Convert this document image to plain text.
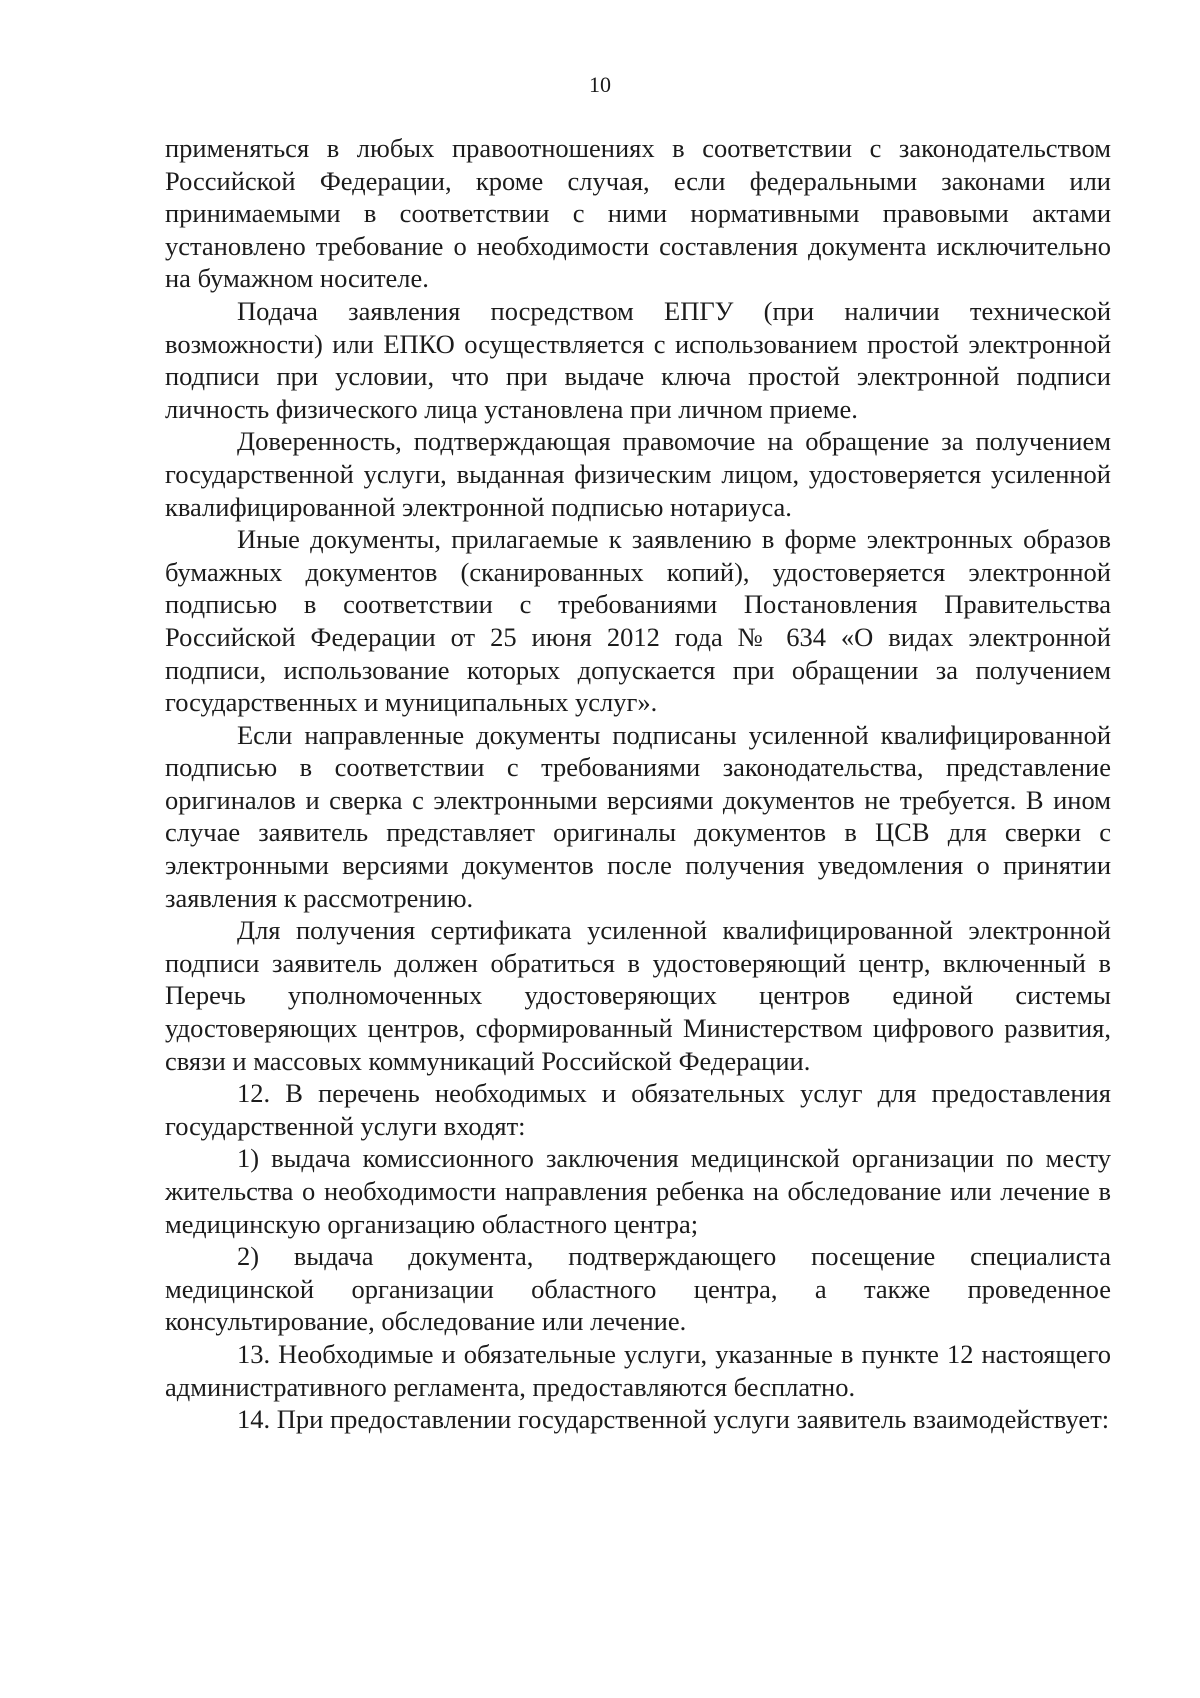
10

применяться в любых правоотношениях в соответствии с законодательством Российской Федерации, кроме случая, если федеральными законами или принимаемыми в соответствии с ними нормативными правовыми актами установлено требование о необходимости составления документа исключительно на бумажном носителе.

Подача заявления посредством ЕПГУ (при наличии технической возможности) или ЕПКО осуществляется с использованием простой электронной подписи при условии, что при выдаче ключа простой электронной подписи личность физического лица установлена при личном приеме.

Доверенность, подтверждающая правомочие на обращение за получением государственной услуги, выданная физическим лицом, удостоверяется усиленной квалифицированной электронной подписью нотариуса.

Иные документы, прилагаемые к заявлению в форме электронных образов бумажных документов (сканированных копий), удостоверяется электронной подписью в соответствии с требованиями Постановления Правительства Российской Федерации от 25 июня 2012 года № 634 «О видах электронной подписи, использование которых допускается при обращении за получением государственных и муниципальных услуг».

Если направленные документы подписаны усиленной квалифицированной подписью в соответствии с требованиями законодательства, представление оригиналов и сверка с электронными версиями документов не требуется. В ином случае заявитель представляет оригиналы документов в ЦСВ для сверки с электронными версиями документов после получения уведомления о принятии заявления к рассмотрению.

Для получения сертификата усиленной квалифицированной электронной подписи заявитель должен обратиться в удостоверяющий центр, включенный в Перечь уполномоченных удостоверяющих центров единой системы удостоверяющих центров, сформированный Министерством цифрового развития, связи и массовых коммуникаций Российской Федерации.

12. В перечень необходимых и обязательных услуг для предоставления государственной услуги входят:

1) выдача комиссионного заключения медицинской организации по месту жительства о необходимости направления ребенка на обследование или лечение в медицинскую организацию областного центра;

2) выдача документа, подтверждающего посещение специалиста медицинской организации областного центра, а также проведенное консультирование, обследование или лечение.

13. Необходимые и обязательные услуги, указанные в пункте 12 настоящего административного регламента, предоставляются бесплатно.

14. При предоставлении государственной услуги заявитель взаимодействует:
